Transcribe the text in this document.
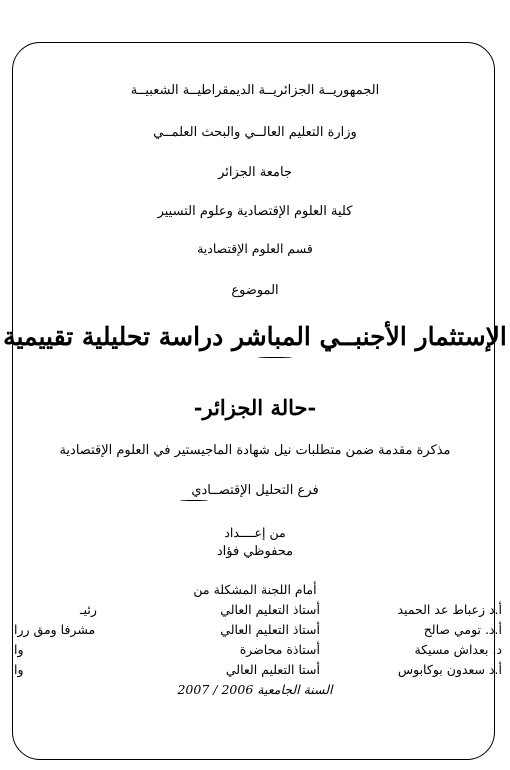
الجمهوريــة الجزائريــة الديمقراطيــة الشعبيــة
وزارة التعليم العالــي والبحث العلمــي
جامعة الجزائر
كلية العلوم الإقتصادية وعلوم التسيير
قسم العلوم الإقتصادية
الموضوع
الإستثمار الأجنبــي المباشر دراسة تحليلية تقييمية
-حالة الجزائر-
مذكرة مقدمة ضمن متطلبات نيل شهادة الماجيستير في العلوم الإقتصادية
فرع التحليل الإقتصــادي
من إعــــداد
محفوظي فؤاد
أمام اللجنة المشكلة من
أ.د زعباط عد الحميد
أستاذ التعليم العالي
رئيـ
أ.د. تومي صالح
أستاذ التعليم العالي
مشرفا ومق ررا
د. بعداش مسيكة
أستاذة محاضرة
وا
أ.د سعدون بوكابوس
أستا التعليم العالي
وا
السنة الجامعية 2006 / 2007
